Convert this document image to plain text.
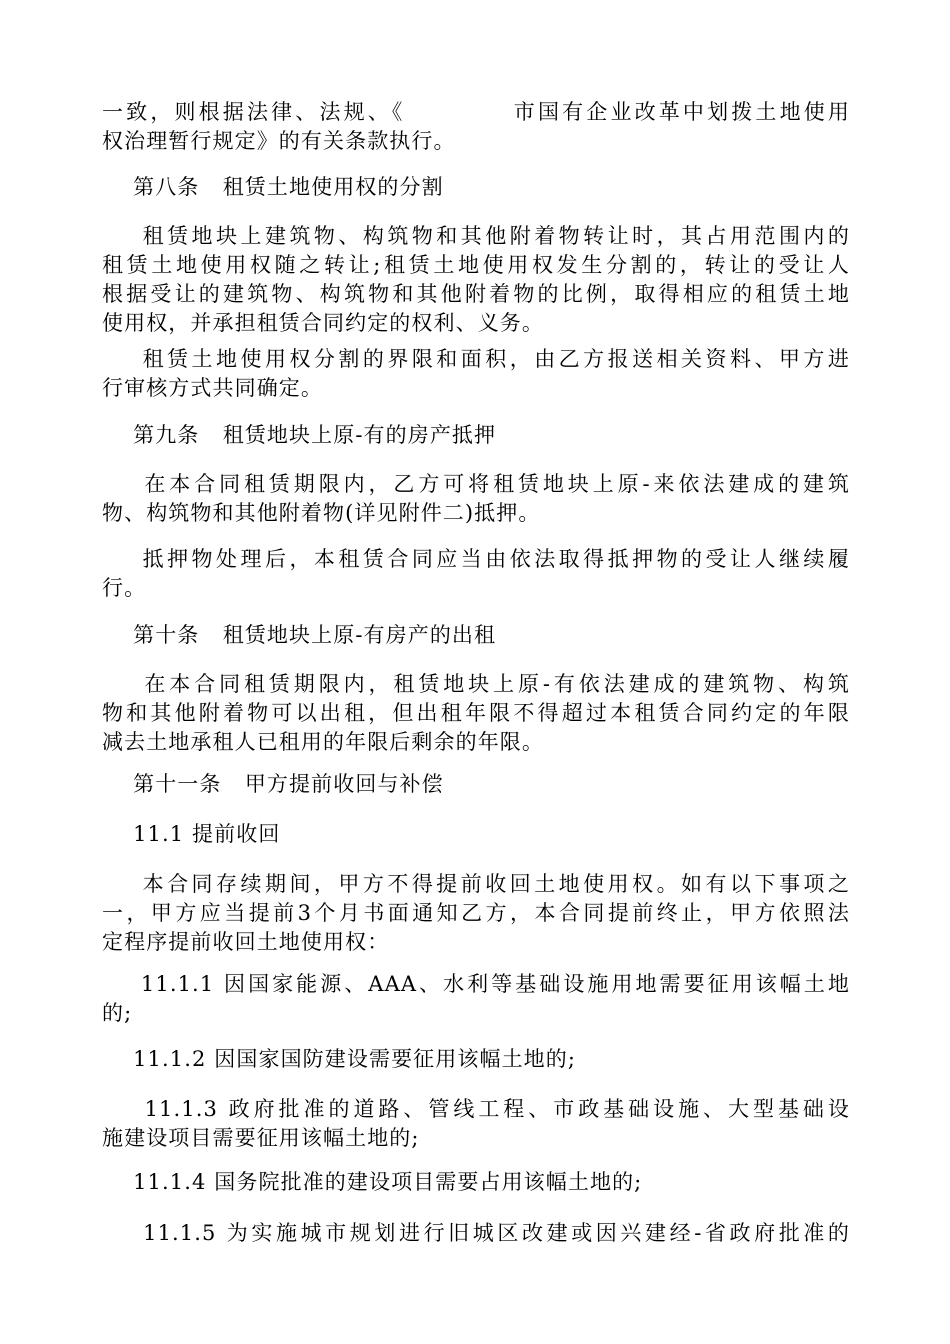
一致，则根据法律、法规、《           市国有企业改革中划拨土地使用
权治理暂行规定》的有关条款执行。
第八条   租赁土地使用权的分割
租赁地块上建筑物、构筑物和其他附着物转让时，其占用范围内的
租赁土地使用权随之转让;租赁土地使用权发生分割的，转让的受让人
根据受让的建筑物、构筑物和其他附着物的比例，取得相应的租赁土地
使用权，并承担租赁合同约定的权利、义务。
租赁土地使用权分割的界限和面积，由乙方报送相关资料、甲方进
行审核方式共同确定。
第九条   租赁地块上原-有的房产抵押
在本合同租赁期限内，乙方可将租赁地块上原-来依法建成的建筑
物、构筑物和其他附着物(详见附件二)抵押。
抵押物处理后，本租赁合同应当由依法取得抵押物的受让人继续履
行。
第十条   租赁地块上原-有房产的出租
在本合同租赁期限内，租赁地块上原-有依法建成的建筑物、构筑
物和其他附着物可以出租，但出租年限不得超过本租赁合同约定的年限
减去土地承租人已租用的年限后剩余的年限。
第十一条   甲方提前收回与补偿
11.1 提前收回
本合同存续期间，甲方不得提前收回土地使用权。如有以下事项之
一，甲方应当提前3个月书面通知乙方，本合同提前终止，甲方依照法
定程序提前收回土地使用权：
11.1.1 因国家能源、AAA、水利等基础设施用地需要征用该幅土地
的;
11.1.2 因国家国防建设需要征用该幅土地的;
11.1.3 政府批准的道路、管线工程、市政基础设施、大型基础设
施建设项目需要征用该幅土地的;
11.1.4 国务院批准的建设项目需要占用该幅土地的;
11.1.5 为实施城市规划进行旧城区改建或因兴建经-省政府批准的
